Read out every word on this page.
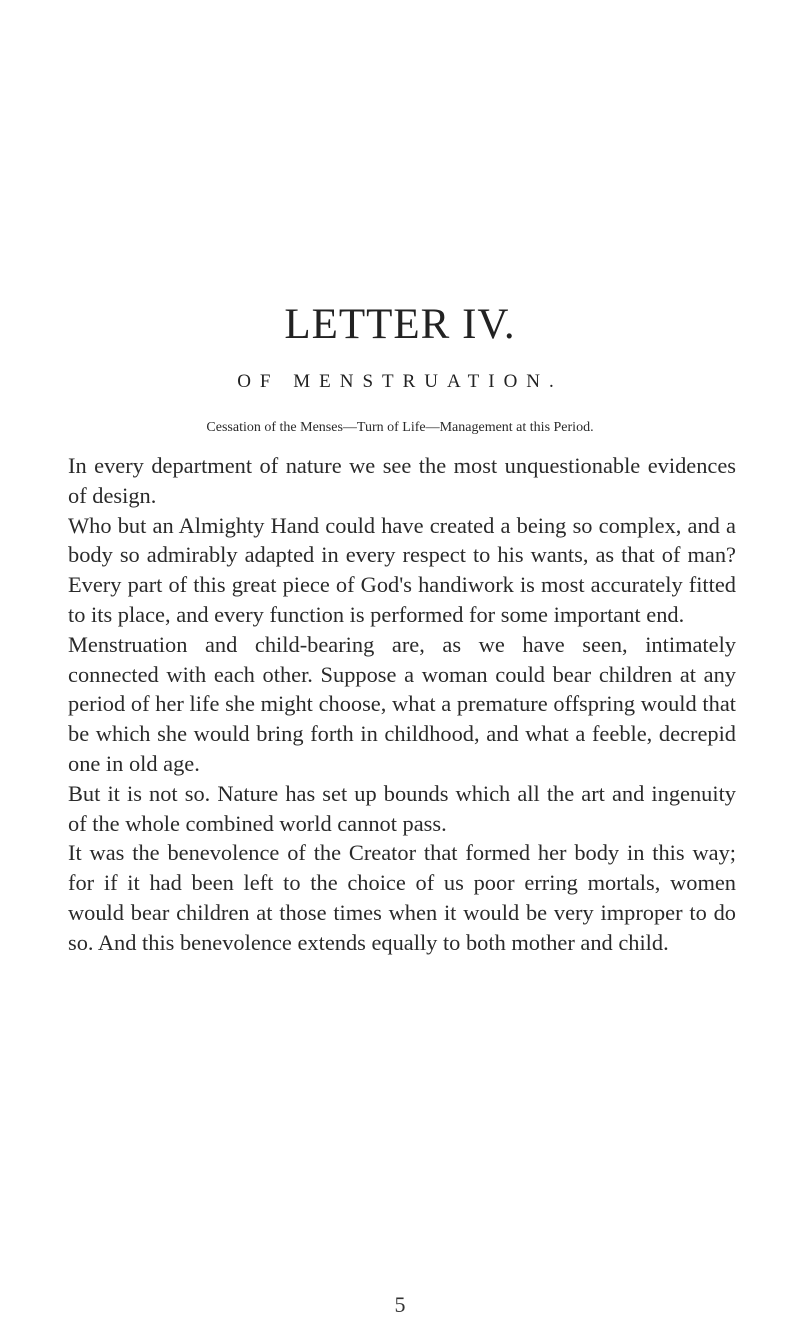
LETTER IV.
OF MENSTRUATION.
Cessation of the Menses—Turn of Life—Management at this Period.

In every department of nature we see the most unquestionable evidences of design.

Who but an Almighty Hand could have created a being so complex, and a body so admirably adapted in every respect to his wants, as that of man? Every part of this great piece of God's handiwork is most accurately fitted to its place, and every function is performed for some important end.

Menstruation and child-bearing are, as we have seen, intimately connected with each other. Suppose a woman could bear children at any period of her life she might choose, what a premature offspring would that be which she would bring forth in childhood, and what a feeble, decrepid one in old age.

But it is not so. Nature has set up bounds which all the art and ingenuity of the whole combined world cannot pass.

It was the benevolence of the Creator that formed her body in this way; for if it had been left to the choice of us poor erring mortals, women would bear children at those times when it would be very improper to do so. And this benevolence extends equally to both mother and child.

5
